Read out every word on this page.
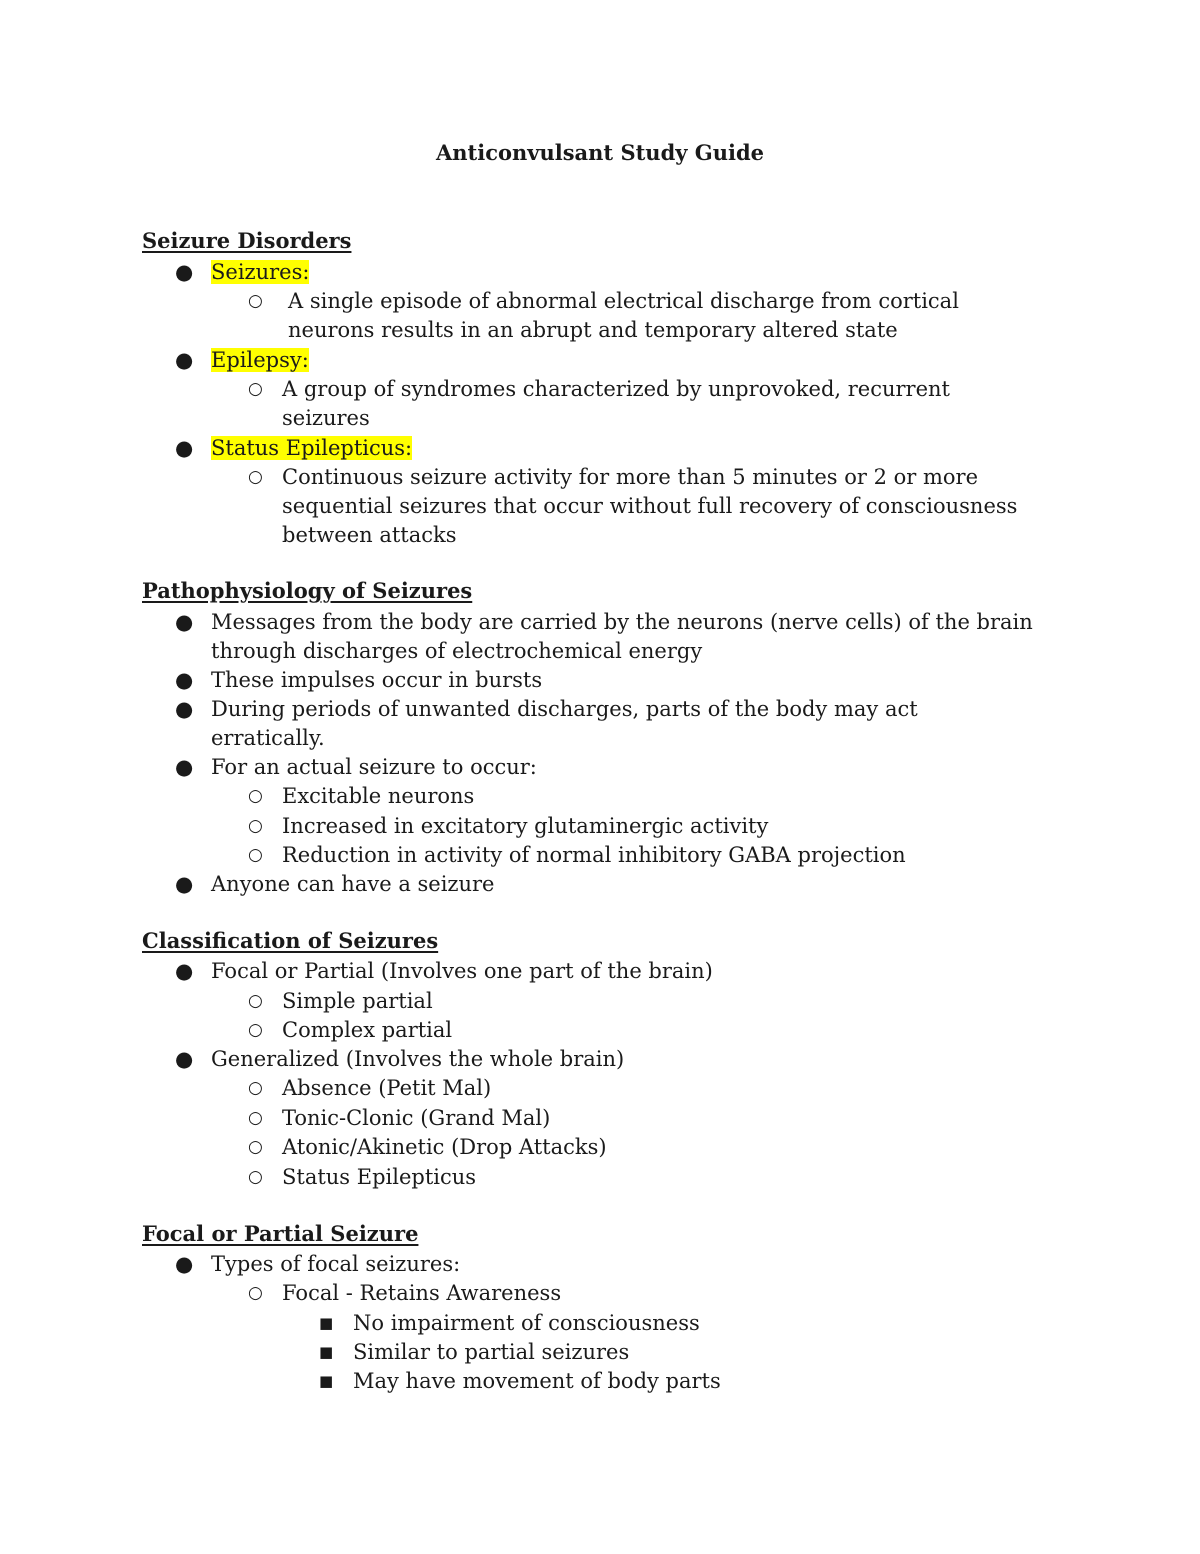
Anticonvulsant Study Guide
Seizure Disorders
● Seizures:
○ A single episode of abnormal electrical discharge from cortical neurons results in an abrupt and temporary altered state
● Epilepsy:
○ A group of syndromes characterized by unprovoked, recurrent seizures
● Status Epilepticus:
○ Continuous seizure activity for more than 5 minutes or 2 or more sequential seizures that occur without full recovery of consciousness between attacks
Pathophysiology of Seizures
● Messages from the body are carried by the neurons (nerve cells) of the brain through discharges of electrochemical energy
● These impulses occur in bursts
● During periods of unwanted discharges, parts of the body may act erratically.
● For an actual seizure to occur:
○ Excitable neurons
○ Increased in excitatory glutaminergic activity
○ Reduction in activity of normal inhibitory GABA projection
● Anyone can have a seizure
Classification of Seizures
● Focal or Partial (Involves one part of the brain)
○ Simple partial
○ Complex partial
● Generalized (Involves the whole brain)
○ Absence (Petit Mal)
○ Tonic-Clonic (Grand Mal)
○ Atonic/Akinetic (Drop Attacks)
○ Status Epilepticus
Focal or Partial Seizure
● Types of focal seizures:
○ Focal - Retains Awareness
■ No impairment of consciousness
■ Similar to partial seizures
■ May have movement of body parts
